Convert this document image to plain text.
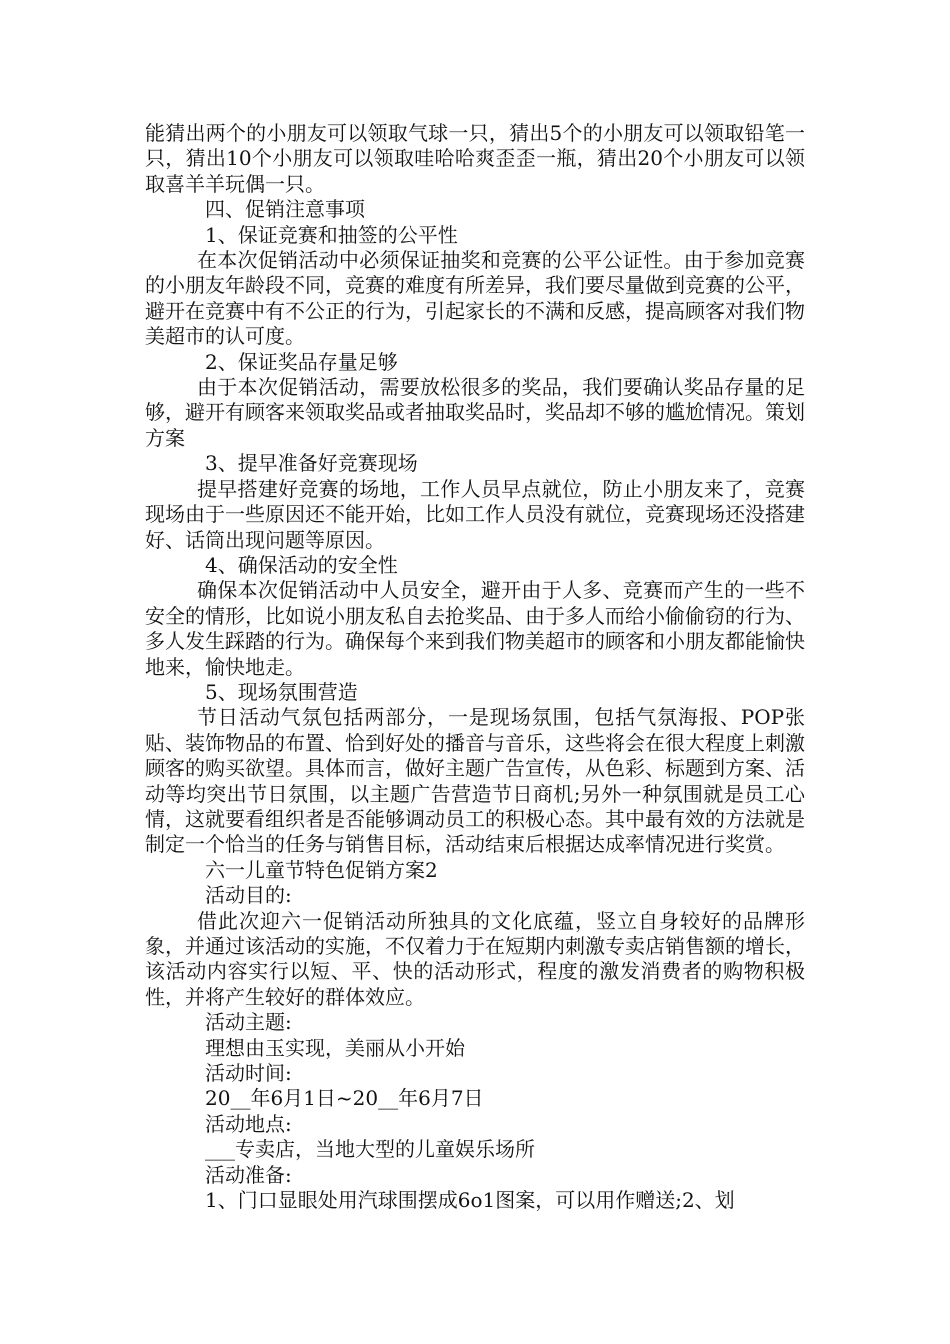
能猜出两个的小朋友可以领取气球一只，猜出5个的小朋友可以领取铅笔一只，猜出10个小朋友可以领取哇哈哈爽歪歪一瓶，猜出20个小朋友可以领取喜羊羊玩偶一只。

四、促销注意事项

1、保证竞赛和抽签的公平性

在本次促销活动中必须保证抽奖和竞赛的公平公证性。由于参加竞赛的小朋友年龄段不同，竞赛的难度有所差异，我们要尽量做到竞赛的公平，避开在竞赛中有不公正的行为，引起家长的不满和反感，提高顾客对我们物美超市的认可度。

2、保证奖品存量足够

由于本次促销活动，需要放松很多的奖品，我们要确认奖品存量的足够，避开有顾客来领取奖品或者抽取奖品时，奖品却不够的尴尬情况。策划方案

3、提早准备好竞赛现场

提早搭建好竞赛的场地，工作人员早点就位，防止小朋友来了，竞赛现场由于一些原因还不能开始，比如工作人员没有就位，竞赛现场还没搭建好、话筒出现问题等原因。

4、确保活动的安全性

确保本次促销活动中人员安全，避开由于人多、竞赛而产生的一些不安全的情形，比如说小朋友私自去抢奖品、由于多人而给小偷偷窃的行为、多人发生踩踏的行为。确保每个来到我们物美超市的顾客和小朋友都能愉快地来，愉快地走。

5、现场氛围营造

节日活动气氛包括两部分，一是现场氛围，包括气氛海报、POP张贴、装饰物品的布置、恰到好处的播音与音乐，这些将会在很大程度上刺激顾客的购买欲望。具体而言，做好主题广告宣传，从色彩、标题到方案、活动等均突出节日氛围，以主题广告营造节日商机;另外一种氛围就是员工心情，这就要看组织者是否能够调动员工的积极心态。其中最有效的方法就是制定一个恰当的任务与销售目标，活动结束后根据达成率情况进行奖赏。

六一儿童节特色促销方案2

活动目的:

借此次迎六一促销活动所独具的文化底蕴，竖立自身较好的品牌形象，并通过该活动的实施，不仅着力于在短期内刺激专卖店销售额的增长，该活动内容实行以短、平、快的活动形式，程度的激发消费者的购物积极性，并将产生较好的群体效应。

活动主题:

理想由玉实现，美丽从小开始

活动时间:

20__年6月1日~20__年6月7日

活动地点:

___专卖店，当地大型的儿童娱乐场所

活动准备:

1、门口显眼处用汽球围摆成6o1图案，可以用作赠送;2、划
